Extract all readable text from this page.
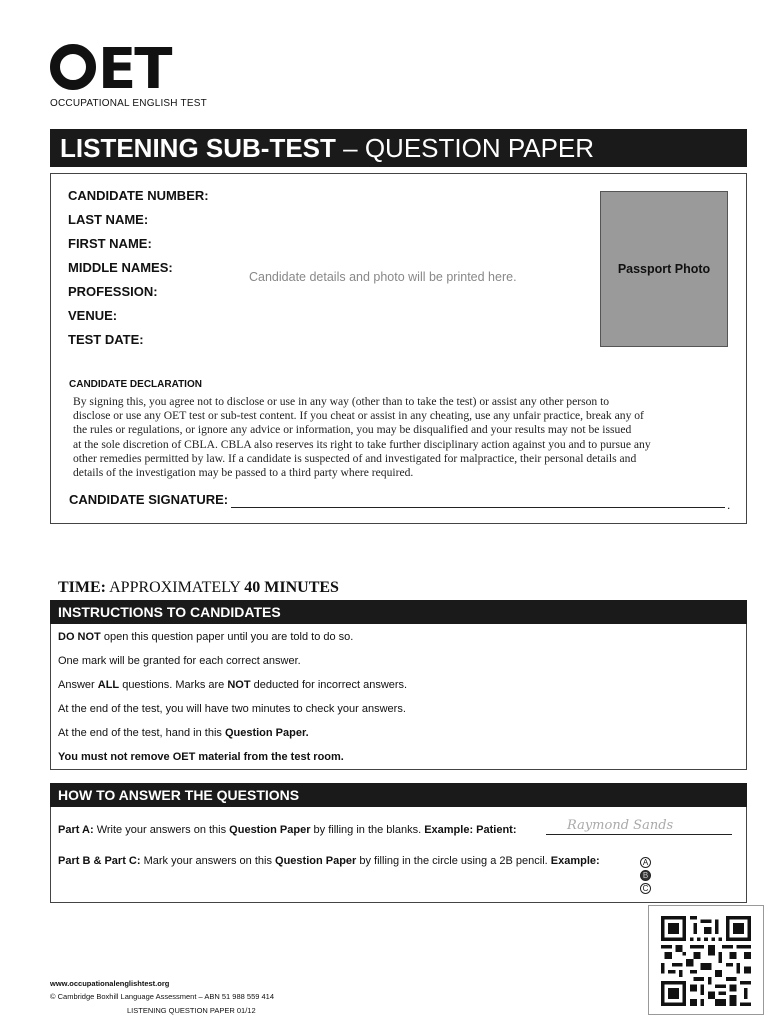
ET
OCCUPATIONAL ENGLISH TEST
LISTENING SUB-TEST – QUESTION PAPER
CANDIDATE NUMBER:
LAST NAME:
FIRST NAME:
MIDDLE NAMES:
PROFESSION:
VENUE:
TEST DATE:
Candidate details and photo will be printed here.
Passport Photo
CANDIDATE DECLARATION
By signing this, you agree not to disclose or use in any way (other than to take the test) or assist any other person to
disclose or use any OET test or sub-test content. If you cheat or assist in any cheating, use any unfair practice, break any of
the rules or regulations, or ignore any advice or information, you may be disqualified and your results may not be issued
at the sole discretion of CBLA. CBLA also reserves its right to take further disciplinary action against you and to pursue any
other remedies permitted by law. If a candidate is suspected of and investigated for malpractice, their personal details and
details of the investigation may be passed to a third party where required.
CANDIDATE SIGNATURE:	.
TIME: APPROXIMATELY 40 MINUTES
INSTRUCTIONS TO CANDIDATES
DO NOT open this question paper until you are told to do so.
One mark will be granted for each correct answer.
Answer ALL questions. Marks are NOT deducted for incorrect answers.
At the end of the test, you will have two minutes to check your answers.
At the end of the test, hand in this Question Paper.
You must not remove OET material from the test room.
HOW TO ANSWER THE QUESTIONS
Part A: Write your answers on this Question Paper by filling in the blanks. Example: Patient:	Raymond Sands
Part B & Part C: Mark your answers on this Question Paper by filling in the circle using a 2B pencil. Example:	A
B
C
www.occupationalenglishtest.org
© Cambridge Boxhill Language Assessment – ABN 51 988 559 414
LISTENING QUESTION PAPER 01/12
